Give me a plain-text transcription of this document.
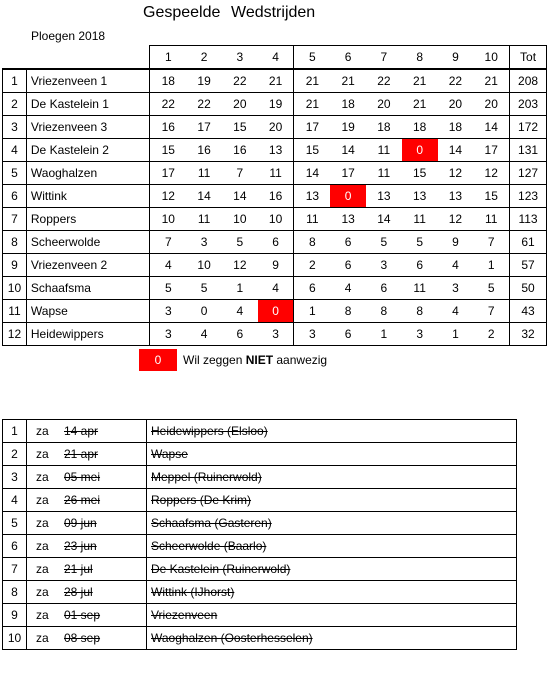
Gespeelde Wedstrijden
Ploegen 2018
		1	2	3	4	5	6	7	8	9	10	Tot
1	Vriezenveen 1	18	19	22	21	21	21	22	21	22	21	208
2	De Kastelein 1	22	22	20	19	21	18	20	21	20	20	203
3	Vriezenveen 3	16	17	15	20	17	19	18	18	18	14	172
4	De Kastelein 2	15	16	16	13	15	14	11	0	14	17	131
5	Waoghalzen	17	11	7	11	14	17	11	15	12	12	127
6	Wittink	12	14	14	16	13	0	13	13	13	15	123
7	Roppers	10	11	10	10	11	13	14	11	12	11	113
8	Scheerwolde	7	3	5	6	8	6	5	5	9	7	61
9	Vriezenveen 2	4	10	12	9	2	6	3	6	4	1	57
10	Schaafsma	5	5	1	4	6	4	6	11	3	5	50
11	Wapse	3	0	4	0	1	8	8	8	4	7	43
12	Heidewippers	3	4	6	3	3	6	1	3	1	2	32
0	Wil zeggen NIET aanwezig
1	za 14 apr	Heidewippers (Elsloo)
2	za 21 apr	Wapse
3	za 05 mei	Meppel (Ruinerwold)
4	za 26 mei	Roppers (De Krim)
5	za 09 jun	Schaafsma (Gasteren)
6	za 23 jun	Scheerwolde (Baarlo)
7	za 21 jul	De Kastelein (Ruinerwold)
8	za 28 jul	Wittink (IJhorst)
9	za 01 sep	Vriezenveen
10	za 08 sep	Waoghalzen (Oosterhesselen)
